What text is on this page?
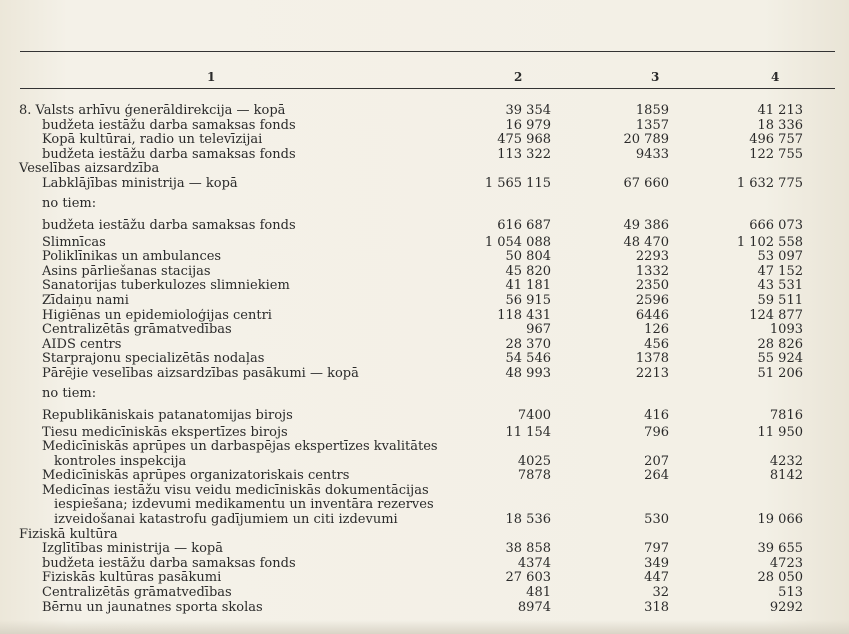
1	2	3	4
8. Valsts arhīvu ģenerāldirekcija — kopā	39 354	1859	41 213
budžeta iestāžu darba samaksas fonds	16 979	1357	18 336
Kopā kultūrai, radio un televīzijai	475 968	20 789	496 757
budžeta iestāžu darba samaksas fonds	113 322	9433	122 755
Veselības aizsardzība
Labklājības ministrija — kopā	1 565 115	67 660	1 632 775
no tiem:
budžeta iestāžu darba samaksas fonds	616 687	49 386	666 073
Slimnīcas	1 054 088	48 470	1 102 558
Poliklīnikas un ambulances	50 804	2293	53 097
Asins pārliešanas stacijas	45 820	1332	47 152
Sanatorijas tuberkulozes slimniekiem	41 181	2350	43 531
Zīdaiņu nami	56 915	2596	59 511
Higiēnas un epidemioloģijas centri	118 431	6446	124 877
Centralizētās grāmatvedības	967	126	1093
AIDS centrs	28 370	456	28 826
Starprajonu specializētās nodaļas	54 546	1378	55 924
Pārējie veselības aizsardzības pasākumi — kopā	48 993	2213	51 206
no tiem:
Republikāniskais patanatomijas birojs	7400	416	7816
Tiesu medicīniskās ekspertīzes birojs	11 154	796	11 950
Medicīniskās aprūpes un darbaspējas ekspertīzes kvalitātes
kontroles inspekcija	4025	207	4232
Medicīniskās aprūpes organizatoriskais centrs	7878	264	8142
Medicīnas iestāžu visu veidu medicīniskās dokumentācijas
iespiešana; izdevumi medikamentu un inventāra rezerves
izveidošanai katastrofu gadījumiem un citi izdevumi	18 536	530	19 066
Fiziskā kultūra
Izglītības ministrija — kopā	38 858	797	39 655
budžeta iestāžu darba samaksas fonds	4374	349	4723
Fiziskās kultūras pasākumi	27 603	447	28 050
Centralizētās grāmatvedības	481	32	513
Bērnu un jaunatnes sporta skolas	8974	318	9292
